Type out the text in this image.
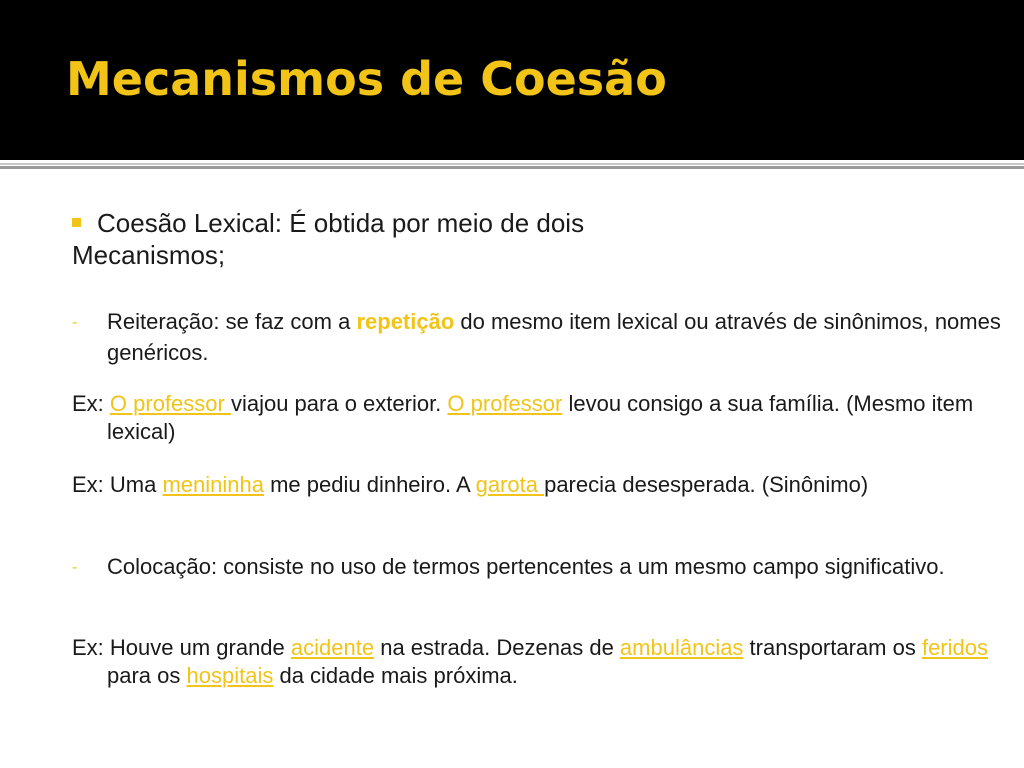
Mecanismos de Coesão
Coesão Lexical: É obtida por meio de dois
Mecanismos;
- Reiteração: se faz com a repetição do mesmo item lexical ou através de sinônimos, nomes genéricos.
Ex: O professor viajou para o exterior. O professor levou consigo a sua família. (Mesmo item lexical)
Ex: Uma menininha me pediu dinheiro. A garota parecia desesperada. (Sinônimo)
- Colocação: consiste no uso de termos pertencentes a um mesmo campo significativo.
Ex: Houve um grande acidente na estrada. Dezenas de ambulâncias transportaram os feridos para os hospitais da cidade mais próxima.
